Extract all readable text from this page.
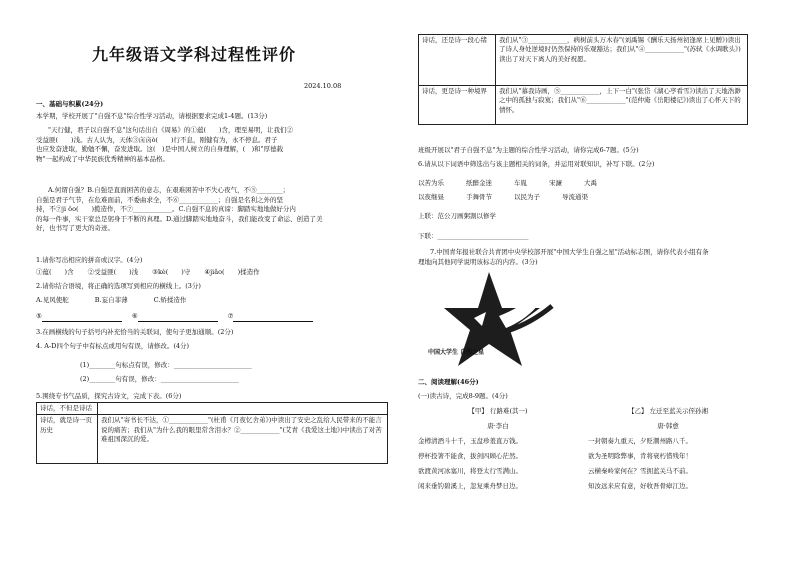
九年级语文学科过程性评价
2024.10.08
一、基础与积累(24分)
本学期，学校开展了"自强不息"综合性学习活动，请根据要求完成1-4题。(13分)
"天行健，君子以自强不息"这句话出自《周易》的①蕴(　　)含，理至易明，让我们②
受益匪(　　)浅。古人认为，天体③㐫㐫ò(　　)行不息，刚健有为，永不停息。君子
也应发奋进取，勤勉不懈，奋发进取。这(　)是中国人树立的自身理解，(　)和"厚德载
物"一起构成了中华民族优秀精神的基本品格。
A.何谓自强？B.自强是直面困苦的意志，在艰难困苦中不失心夜气，不⑤________；
自强是君子气节，在危难面前，不委曲求全，不⑥____________；自强是名利之外的坚
持，不⑦ji ǒo(　　)揽造作，不⑦____________。C.自强不息的真谛：脚踏实地地做好分内
的每一件事，实干家总是躬身于不断的真理。D.通过脚踏实地地奋斗，我们能改变了命运、创造了美
好，也书写了更大的奇迹。
1.请你写出相应的拼音或汉字。(4分)
①蕴(　　)含 ②受益匪(　　)浅 ③kè(　　)守 ④jiǎo(　　)揉造作
2.请你结合语境，将正确的选项写到相应的横线上。(3分)
A.见风使舵	B.妄自菲薄	C.矫揉造作
⑤	⑥	⑦
3.在画横线的句子括号内补充恰当的关联词，使句子更加通顺。(2分)
4. A-D四个句子中有标点或用句有误，请修改。(4分)
(1)________句标点有误，修改：________________________
(2)________句有误，修改：________________________
5.围绕专书气品质，探究古诗文，完成下表。(6分)
诗话，不但是诗话	
诗话，就是诗一页历史	我们从"寄书长不达，①____________"(杜甫《月夜忆舍弟》)中读出了安史之乱给人民带来的不能言说的痛苦；我们从"为什么我的眼里常含泪水？②____________"(艾青《我爱这土地》)中读出了对苦难祖国深沉的爱。
诗话，还是诗一段心绪	我们从"③____________，病树前头万木春"(刘禹锡《酬乐天扬州初逢席上见赠》)读出了诗人身处逆境时仍然保持的乐观豁达；我们从"④____________"(苏轼《水调歌头》)读出了对天下离人的美好祝愿。
诗话，更是诗一种境界	我们从"慕我诗画，⑤____________，上下一白"(张岱《湖心亭看雪》)读出了天地浩渺之中的孤独与寂寞；我们从"⑥____________"(范仲淹《岳阳楼记》)读出了心怀天下的情怀。
班级开展以"君子自强不息"为主题的综合性学习活动，请你完成6-7题。(5分)
6.请从以下词语中筛选出与该主题相关的词条，并运用对联知识，补写下联。(2分)
以苦为乐	纸醉金迷	车胤	宋濂	大禹
以夜继昼	手舞骨节	以民为子	导流通渠
上联：范公刀画粥割以修学
下联：____________________________
7.中国青年报社联合共青团中央学校部开展"中国大学生自强之星"活动标志图，请你代表小组有条
理地向其他同学说明该标志的内容。(3分)
中国大学生 自强之星
二、阅读理解(46分)
(一)读古诗，完成8-9题。(4分)
【甲】 行路难(其一)
唐·李白
金樽清酒斗十千，玉盘珍羞直万钱。
停杯投箸不能食，拔剑四顾心茫然。
欲渡黄河冰塞川，将登太行雪满山。
闲来垂钓碧溪上，忽复乘舟梦日边。
【乙】 左迁至蓝关示侄孙湘
唐·韩愈
一封朝奏九重天，夕贬潮州路八千。
欲为圣明除弊事，肯将衰朽惜残年！
云横秦岭家何在？雪拥蓝关马不前。
知汝远来应有意，好收吾骨瘴江边。
